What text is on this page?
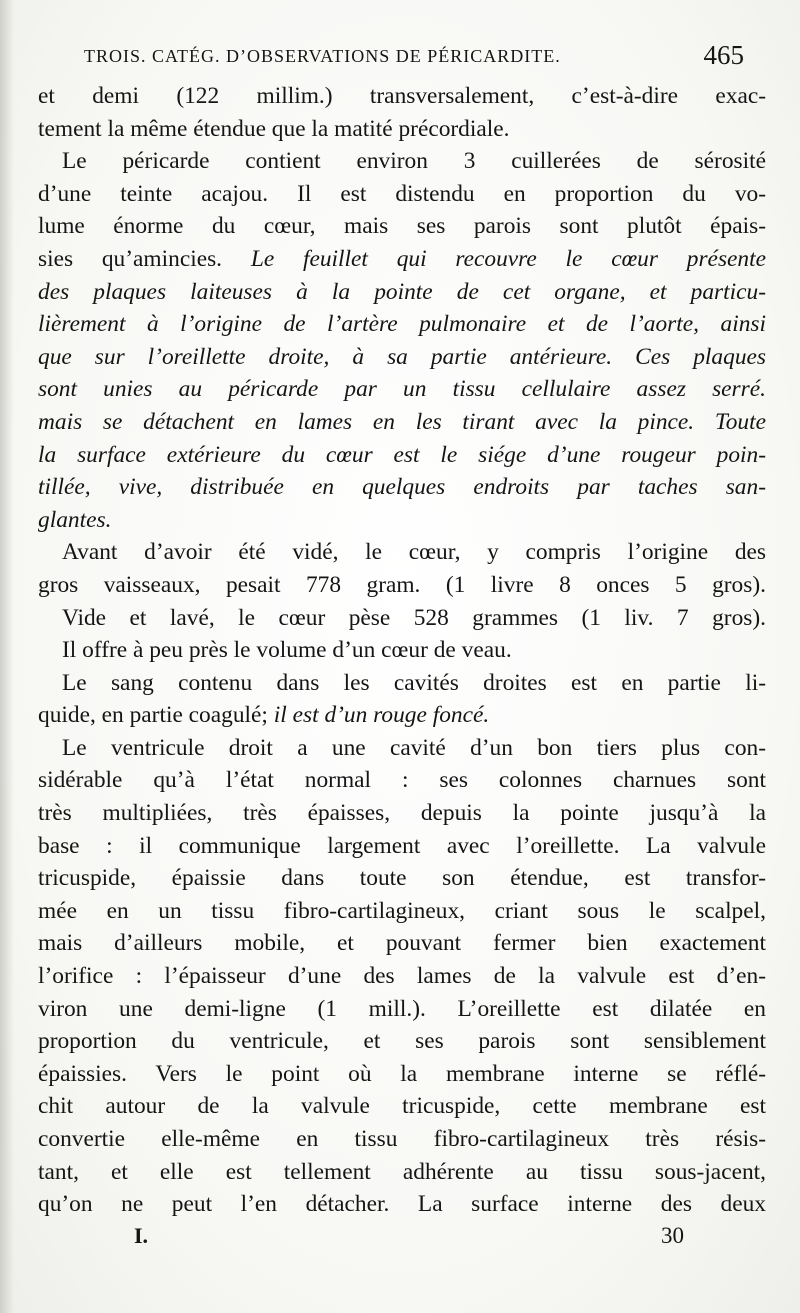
TROIS. CATÉG. D’OBSERVATIONS DE PÉRICARDITE.	465
et demi (122 millim.) transversalement, c’est-à-dire exac-
tement la même étendue que la matité précordiale.
Le péricarde contient environ 3 cuillerées de sérosité
d’une teinte acajou. Il est distendu en proportion du vo-
lume énorme du cœur, mais ses parois sont plutôt épais-
sies qu’amincies. Le feuillet qui recouvre le cœur présente
des plaques laiteuses à la pointe de cet organe, et particu-
lièrement à l’origine de l’artère pulmonaire et de l’aorte, ainsi
que sur l’oreillette droite, à sa partie antérieure. Ces plaques
sont unies au péricarde par un tissu cellulaire assez serré.
mais se détachent en lames en les tirant avec la pince. Toute
la surface extérieure du cœur est le siége d’une rougeur poin-
tillée, vive, distribuée en quelques endroits par taches san-
glantes.
Avant d’avoir été vidé, le cœur, y compris l’origine des
gros vaisseaux, pesait 778 gram. (1 livre 8 onces 5 gros).
Vide et lavé, le cœur pèse 528 grammes (1 liv. 7 gros).
Il offre à peu près le volume d’un cœur de veau.
Le sang contenu dans les cavités droites est en partie li-
quide, en partie coagulé; il est d’un rouge foncé.
Le ventricule droit a une cavité d’un bon tiers plus con-
sidérable qu’à l’état normal : ses colonnes charnues sont
très multipliées, très épaisses, depuis la pointe jusqu’à la
base : il communique largement avec l’oreillette. La valvule
tricuspide, épaissie dans toute son étendue, est transfor-
mée en un tissu fibro-cartilagineux, criant sous le scalpel,
mais d’ailleurs mobile, et pouvant fermer bien exactement
l’orifice : l’épaisseur d’une des lames de la valvule est d’en-
viron une demi-ligne (1 mill.). L’oreillette est dilatée en
proportion du ventricule, et ses parois sont sensiblement
épaissies. Vers le point où la membrane interne se réflé-
chit autour de la valvule tricuspide, cette membrane est
convertie elle-même en tissu fibro-cartilagineux très résis-
tant, et elle est tellement adhérente au tissu sous-jacent,
qu’on ne peut l’en détacher. La surface interne des deux
I.	30
